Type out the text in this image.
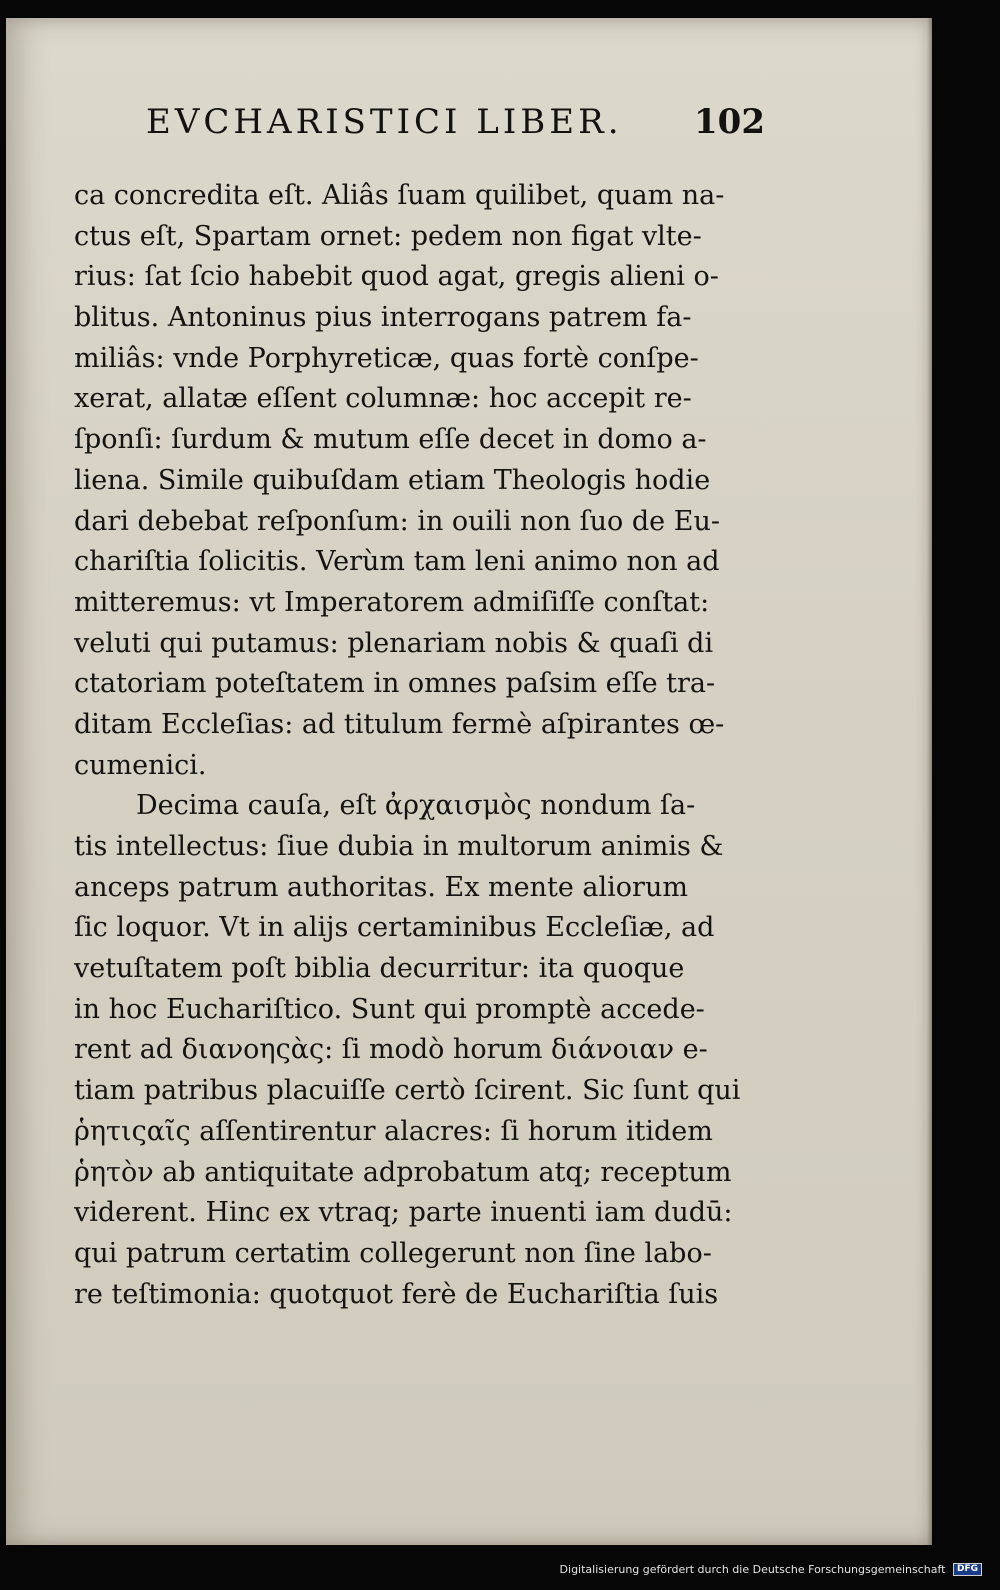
EVCHARISTICI LIBER. 102
ca concredita eſt. Aliâs ſuam quilibet, quam na-
ctus eſt, Spartam ornet: pedem non figat vlte-
rius: ſat ſcio habebit quod agat, gregis alieni o-
blitus. Antoninus pius interrogans patrem fa-
miliâs: vnde Porphyreticæ, quas fortè conſpe-
xerat, allatæ eſſent columnæ: hoc accepit re-
ſponſi: ſurdum & mutum eſſe decet in domo a-
liena. Simile quibuſdam etiam Theologis hodie
dari debebat reſponſum: in ouili non ſuo de Eu-
chariſtia ſolicitis. Verùm tam leni animo non ad
mitteremus: vt Imperatorem admiſiſſe conſtat:
veluti qui putamus: plenariam nobis & quaſi di
ctatoriam poteſtatem in omnes paſsim eſſe tra-
ditam Eccleſias: ad titulum fermè aſpirantes œ-
cumenici.
Decima cauſa, eſt ἀρχαισμὸς nondum ſa-
tis intellectus: ſiue dubia in multorum animis &
anceps patrum authoritas. Ex mente aliorum
ſic loquor. Vt in alijs certaminibus Eccleſiæ, ad
vetuſtatem poſt biblia decurritur: ita quoque
in hoc Euchariſtico. Sunt qui promptè accede-
rent ad διανοηςὰς: ſi modò horum διάνοιαν e-
tiam patribus placuiſſe certò ſcirent. Sic ſunt qui
ῥητιςαῖς aſſentirentur alacres: ſi horum itidem
ῥητὸν ab antiquitate adprobatum atq; receptum
viderent. Hinc ex vtraq; parte inuenti iam dudū:
qui patrum certatim collegerunt non ſine labo-
re teſtimonia: quotquot ferè de Euchariſtia ſuis
Digitalisierung gefördert durch die Deutsche Forschungsgemeinschaft DFG
